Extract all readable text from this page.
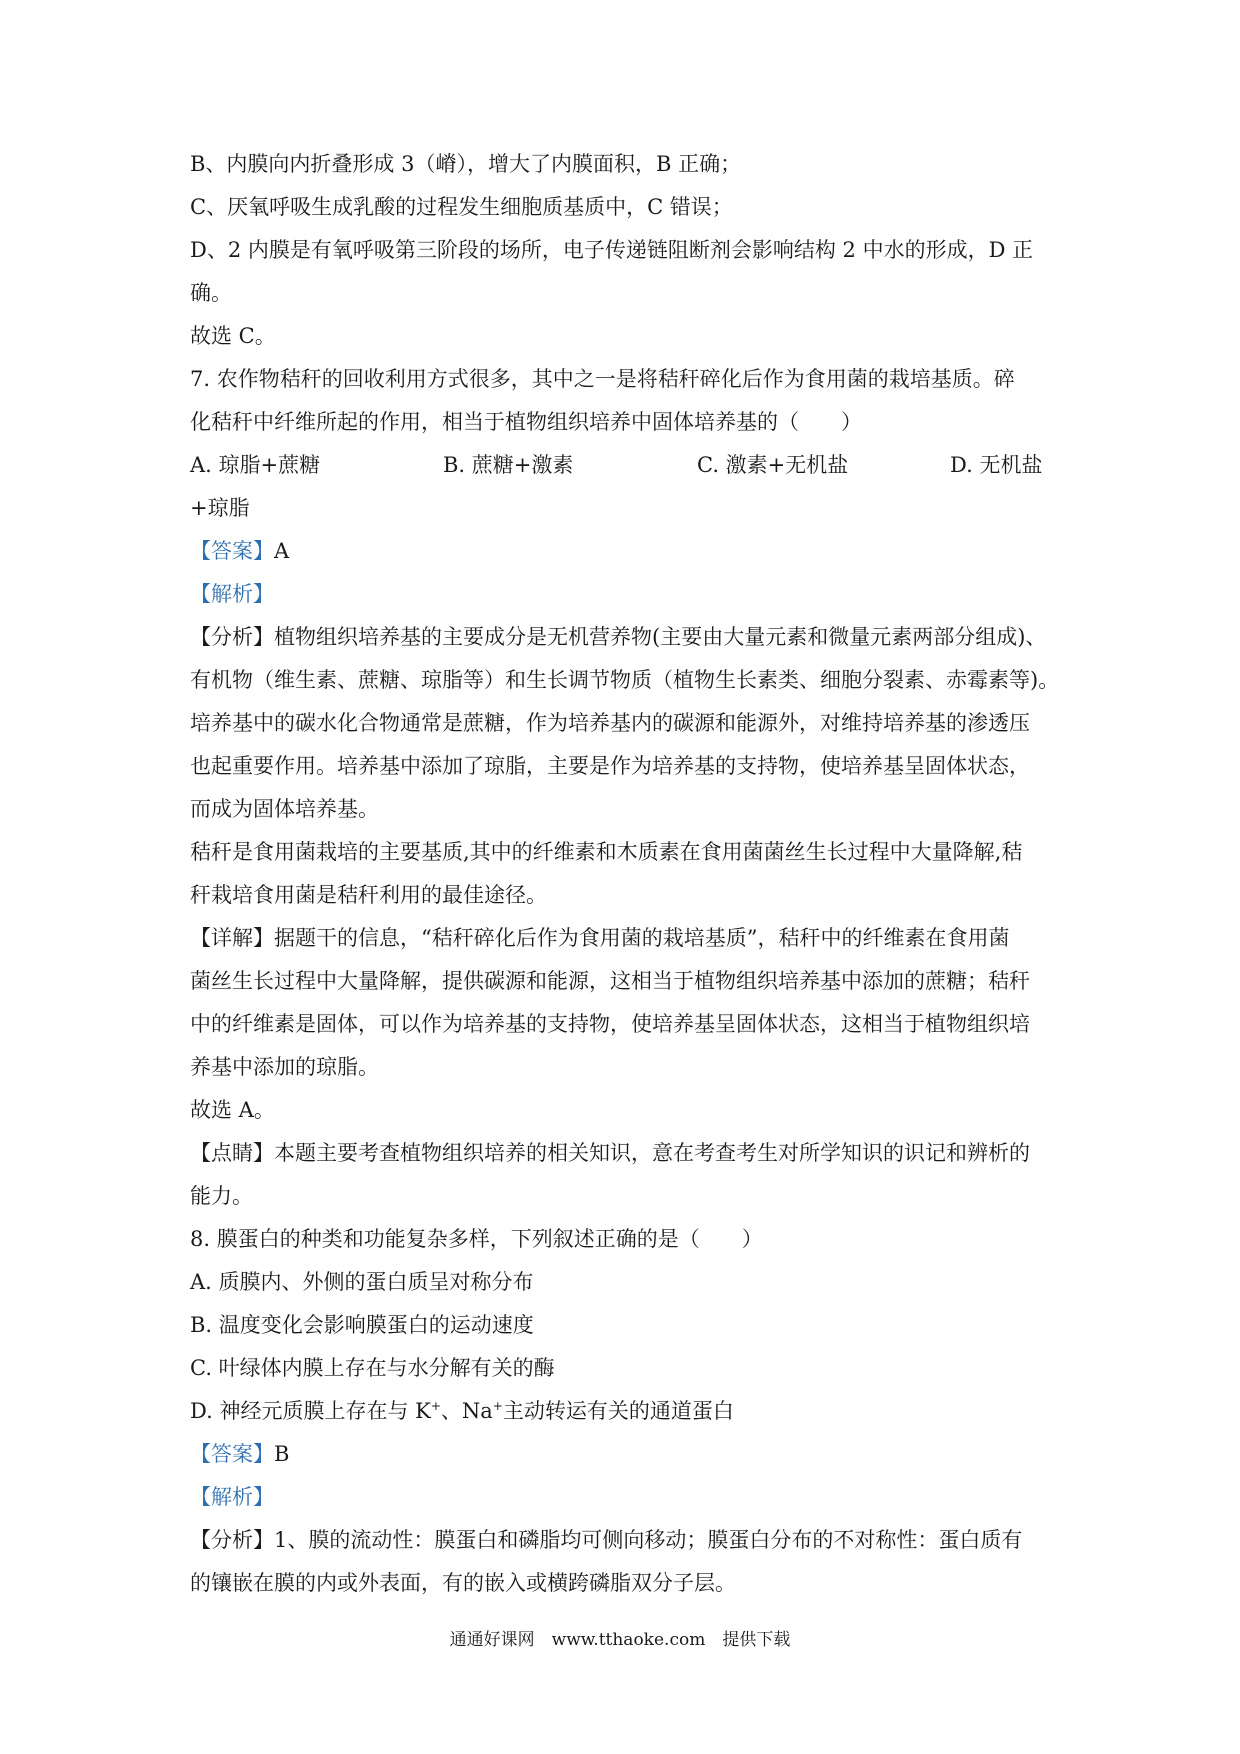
B、内膜向内折叠形成 3（嵴），增大了内膜面积，B 正确；
C、厌氧呼吸生成乳酸的过程发生细胞质基质中，C 错误；
D、2 内膜是有氧呼吸第三阶段的场所，电子传递链阻断剂会影响结构 2 中水的形成，D 正
确。
故选 C。
7. 农作物秸秆的回收利用方式很多，其中之一是将秸秆碎化后作为食用菌的栽培基质。碎
化秸秆中纤维所起的作用，相当于植物组织培养中固体培养基的（　　）
A. 琼脂+蔗糖	B. 蔗糖+激素	C. 激素+无机盐	D. 无机盐
+琼脂
【答案】A
【解析】
【分析】植物组织培养基的主要成分是无机营养物(主要由大量元素和微量元素两部分组成)、
有机物（维生素、蔗糖、琼脂等）和生长调节物质（植物生长素类、细胞分裂素、赤霉素等)。
培养基中的碳水化合物通常是蔗糖，作为培养基内的碳源和能源外，对维持培养基的渗透压
也起重要作用。培养基中添加了琼脂，主要是作为培养基的支持物，使培养基呈固体状态，
而成为固体培养基。
秸秆是食用菌栽培的主要基质,其中的纤维素和木质素在食用菌菌丝生长过程中大量降解,秸
秆栽培食用菌是秸秆利用的最佳途径。
【详解】据题干的信息，“秸秆碎化后作为食用菌的栽培基质”，秸秆中的纤维素在食用菌
菌丝生长过程中大量降解，提供碳源和能源，这相当于植物组织培养基中添加的蔗糖；秸秆
中的纤维素是固体，可以作为培养基的支持物，使培养基呈固体状态，这相当于植物组织培
养基中添加的琼脂。
故选 A。
【点睛】本题主要考查植物组织培养的相关知识，意在考查考生对所学知识的识记和辨析的
能力。
8. 膜蛋白的种类和功能复杂多样，下列叙述正确的是（　　）
A. 质膜内、外侧的蛋白质呈对称分布
B. 温度变化会影响膜蛋白的运动速度
C. 叶绿体内膜上存在与水分解有关的酶
D. 神经元质膜上存在与 K+、Na+主动转运有关的通道蛋白
【答案】B
【解析】
【分析】1、膜的流动性：膜蛋白和磷脂均可侧向移动；膜蛋白分布的不对称性：蛋白质有
的镶嵌在膜的内或外表面，有的嵌入或横跨磷脂双分子层。
通通好课网　www.tthaoke.com　提供下载
